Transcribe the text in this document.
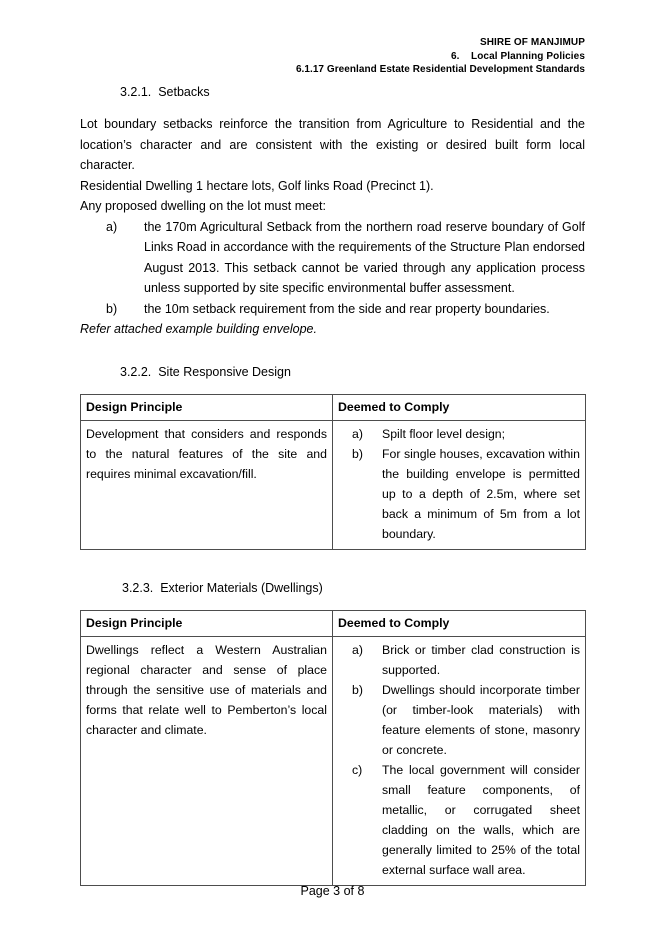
SHIRE OF MANJIMUP
6.    Local Planning Policies
6.1.17 Greenland Estate Residential Development Standards
3.2.1.  Setbacks

Lot boundary setbacks reinforce the transition from Agriculture to Residential and the location’s character and are consistent with the existing or desired built form local character.

Residential Dwelling 1 hectare lots, Golf links Road (Precinct 1).

Any proposed dwelling on the lot must meet:

a)	the 170m Agricultural Setback from the northern road reserve boundary of Golf Links Road in accordance with the requirements of the Structure Plan endorsed August 2013. This setback cannot be varied through any application process unless supported by site specific environmental buffer assessment.
b)	the 10m setback requirement from the side and rear property boundaries.

Refer attached example building envelope.

3.2.2.  Site Responsive Design
Design Principle	Deemed to Comply

Development that considers and responds to the natural features of the site and requires minimal excavation/fill.

a)	Spilt floor level design;
b)	For single houses, excavation within the building envelope is permitted up to a depth of 2.5m, where set back a minimum of 5m from a lot boundary.
3.2.3.  Exterior Materials (Dwellings)
Design Principle	Deemed to Comply

Dwellings reflect a Western Australian regional character and sense of place through the sensitive use of materials and forms that relate well to Pemberton’s local character and climate.

a)	Brick or timber clad construction is supported.
b)	Dwellings should incorporate timber (or timber-look materials) with feature elements of stone, masonry or concrete.
c)	The local government will consider small feature components, of metallic, or corrugated sheet cladding on the walls, which are generally limited to 25% of the total external surface wall area.
Page 3 of 8
